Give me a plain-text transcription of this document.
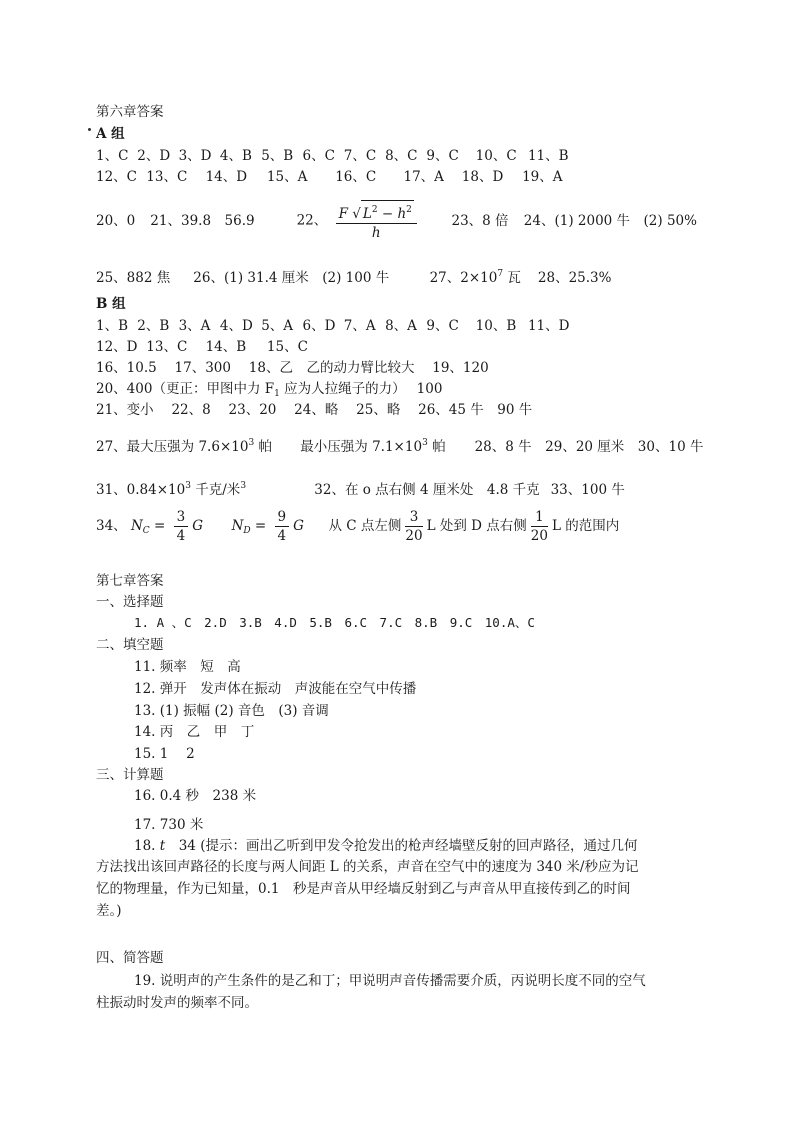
第六章答案
A 组
1、C 2、D 3、D 4、B 5、B 6、C 7、C 8、C 9、C 10、C 11、B
12、C 13、C 14、D 15、A 16、C 17、A 18、D 19、A
20、0 21、39.8　56.9	22、 $\frac{F √ L^2 - h^2}{h}$	23、8 倍 24、(1) 2000 牛　(2) 50%
25、882 焦 26、(1) 31.4 厘米　(2) 100 牛	27、$2\times 10^7$ 瓦 28、25.3%
B 组
1、B 2、B 3、A 4、D 5、A 6、D 7、A 8、A 9、C 10、B 11、D
12、D 13、C 14、B 15、C
16、10.5　 17、300　 18、乙　乙的动力臂比较大　 19、120
20、400（更正：甲图中力 $F_1$ 应为人拉绳子的力）　 100
21、变小　 22、8　 23、20　 24、略　 25、略　 26、45 牛　90 牛
27、最大压强为 $7.6\times 10^3$ 帕 最小压强为 $7.1\times 10^3$ 帕 28、8 牛　29、20 厘米　30、10 牛
31、$0.84\times 10^3$ 千克/米$^3$	32、在 o 点右侧 4 厘米处　4.8 千克 33、100 牛
34、 $N_C = \frac{3}{4}$ G $N_D = \frac{9}{4}$ G 从 C 点左侧 $\frac{3}{20}$ L 处到 D 点右侧 $\frac{1}{20}$ L 的范围内
第七章答案
一、选择题
1. A 、C　2.D　3.B　4.D　5.B　6.C　7.C　8.B　9.C　10.A、C
二、填空题
11. 频率　短　高
12. 弹开　发声体在振动　声波能在空气中传播
13. (1) 振幅 (2) 音色　(3) 音调
14. 丙　乙　甲　丁
15. 1　 2
三、计算题
16. 0.4 秒　238 米
17. 730 米
18. t　34 (提示：画出乙听到甲发令抢发出的枪声经墙壁反射的回声路径，通过几何
方法找出该回声路径的长度与两人间距 L 的关系，声音在空气中的速度为 340 米/秒应为记
忆的物理量，作为已知量，0.1　秒是声音从甲经墙反射到乙与声音从甲直接传到乙的时间
差。)
四、简答题
19. 说明声的产生条件的是乙和丁；甲说明声音传播需要介质，丙说明长度不同的空气
柱振动时发声的频率不同。
